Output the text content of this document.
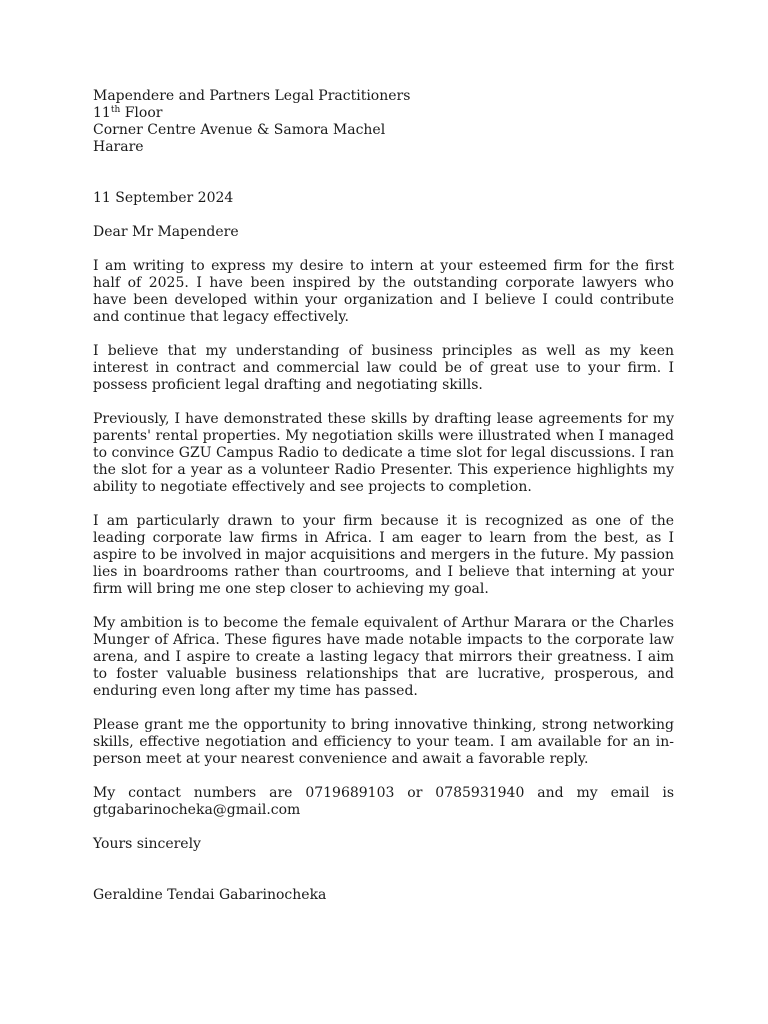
Mapendere and Partners Legal Practitioners
11th Floor
Corner Centre Avenue & Samora Machel
Harare
11 September 2024
Dear Mr Mapendere

I am writing to express my desire to intern at your esteemed firm for the first half of 2025. I have been inspired by the outstanding corporate lawyers who have been developed within your organization and I believe I could contribute and continue that legacy effectively.

I believe that my understanding of business principles as well as my keen interest in contract and commercial law could be of great use to your firm. I possess proficient legal drafting and negotiating skills.

Previously, I have demonstrated these skills by drafting lease agreements for my parents' rental properties. My negotiation skills were illustrated when I managed to convince GZU Campus Radio to dedicate a time slot for legal discussions. I ran the slot for a year as a volunteer Radio Presenter. This experience highlights my ability to negotiate effectively and see projects to completion.

I am particularly drawn to your firm because it is recognized as one of the leading corporate law firms in Africa. I am eager to learn from the best, as I aspire to be involved in major acquisitions and mergers in the future. My passion lies in boardrooms rather than courtrooms, and I believe that interning at your firm will bring me one step closer to achieving my goal.

My ambition is to become the female equivalent of Arthur Marara or the Charles Munger of Africa. These figures have made notable impacts to the corporate law arena, and I aspire to create a lasting legacy that mirrors their greatness. I aim to foster valuable business relationships that are lucrative, prosperous, and enduring even long after my time has passed.

Please grant me the opportunity to bring innovative thinking, strong networking skills, effective negotiation and efficiency to your team. I am available for an in-person meet at your nearest convenience and await a favorable reply.

My contact numbers are 0719689103 or 0785931940 and my email is gtgabarinocheka@gmail.com

Yours sincerely
Geraldine Tendai Gabarinocheka
